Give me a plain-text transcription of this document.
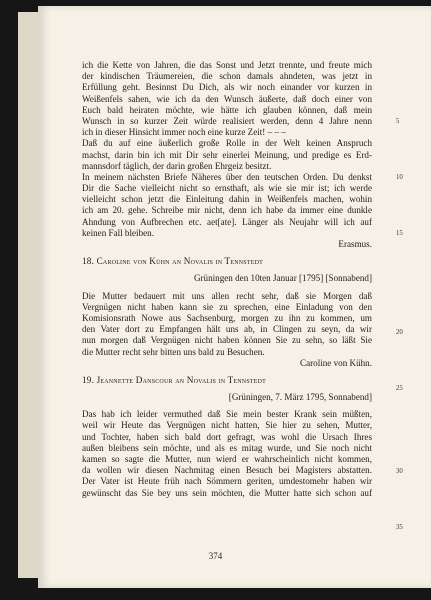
ich die Kette von Jahren, die das Sonst und Jetzt trennte, und freute mich
der kindischen Träumereien, die schon damals ahndeten, was jetzt in
Erfüllung geht. Besinnst Du Dich, als wir noch einander vor kurzen in
Weißenfels sahen, wie ich da den Wunsch äußerte, daß doch einer von
Euch bald heiraten möchte, wie hätte ich glauben können, daß mein
Wunsch in so kurzer Zeit würde realisiert werden, denn 4 Jahre nenn
ich in dieser Hinsicht immer noch eine kurze Zeit! – – –
Daß du auf eine äußerlich große Rolle in der Welt keinen Anspruch
machst, darin bin ich mit Dir sehr einerlei Meinung, und predige es Erd-
mannsdorf täglich, der darin großen Ehrgeiz besitzt.
In meinem nächsten Briefe Näheres über den teutschen Orden. Du denkst
Dir die Sache vielleicht nicht so ernsthaft, als wie sie mir ist; ich werde
vielleicht schon jetzt die Einleitung dahin in Weißenfels machen, wohin
ich am 20. gehe. Schreibe mir nicht, denn ich habe da immer eine dunkle
Ahndung von Aufbrechen etc. aet[ate]. Länger als Neujahr will ich auf
keinen Fall bleiben.
Erasmus.
18. Caroline von Kühn an Novalis in Tennstedt
Grüningen den 10ten Januar [1795] [Sonnabend]
Die Mutter bedauert mit uns allen recht sehr, daß sie Morgen daß
Vergnügen nicht haben kann sie zu sprechen, eine Einladung von den
Komisionsrath Nowe aus Sachsenburg, morgen zu ihn zu kommen, um
den Vater dort zu Empfangen hält uns ab, in Clingen zu seyn, da wir
nun morgen daß Vergnügen nicht haben können Sie zu sehn, so läßt Sie
die Mutter recht sehr bitten uns bald zu Besuchen.
Caroline von Kühn.
19. Jeannette Danscour an Novalis in Tennstedt
[Grüningen, 7. März 1795, Sonnabend]
Das hab ich leider vermuthed daß Sie mein bester Krank sein müßten,
weil wir Heute das Vergnügen nicht hatten, Sie hier zu sehen, Mutter,
und Tochter, haben sich bald dort gefragt, was wohl die Ursach Ihres
außen bleibens sein möchte, und als es mitag wurde, und Sie noch nicht
kamen so sagte die Mutter, nun wierd er wahrscheinlich nicht kommen,
da wollen wir diesen Nachmitag einen Besuch bei Magisters abstatten.
Der Vater ist Heute früh nach Sömmern geriten, umdestomehr haben wir
gewünscht das Sie bey uns sein möchten, die Mutter hatte sich schon auf
5
10
15
20
25
30
35
374
